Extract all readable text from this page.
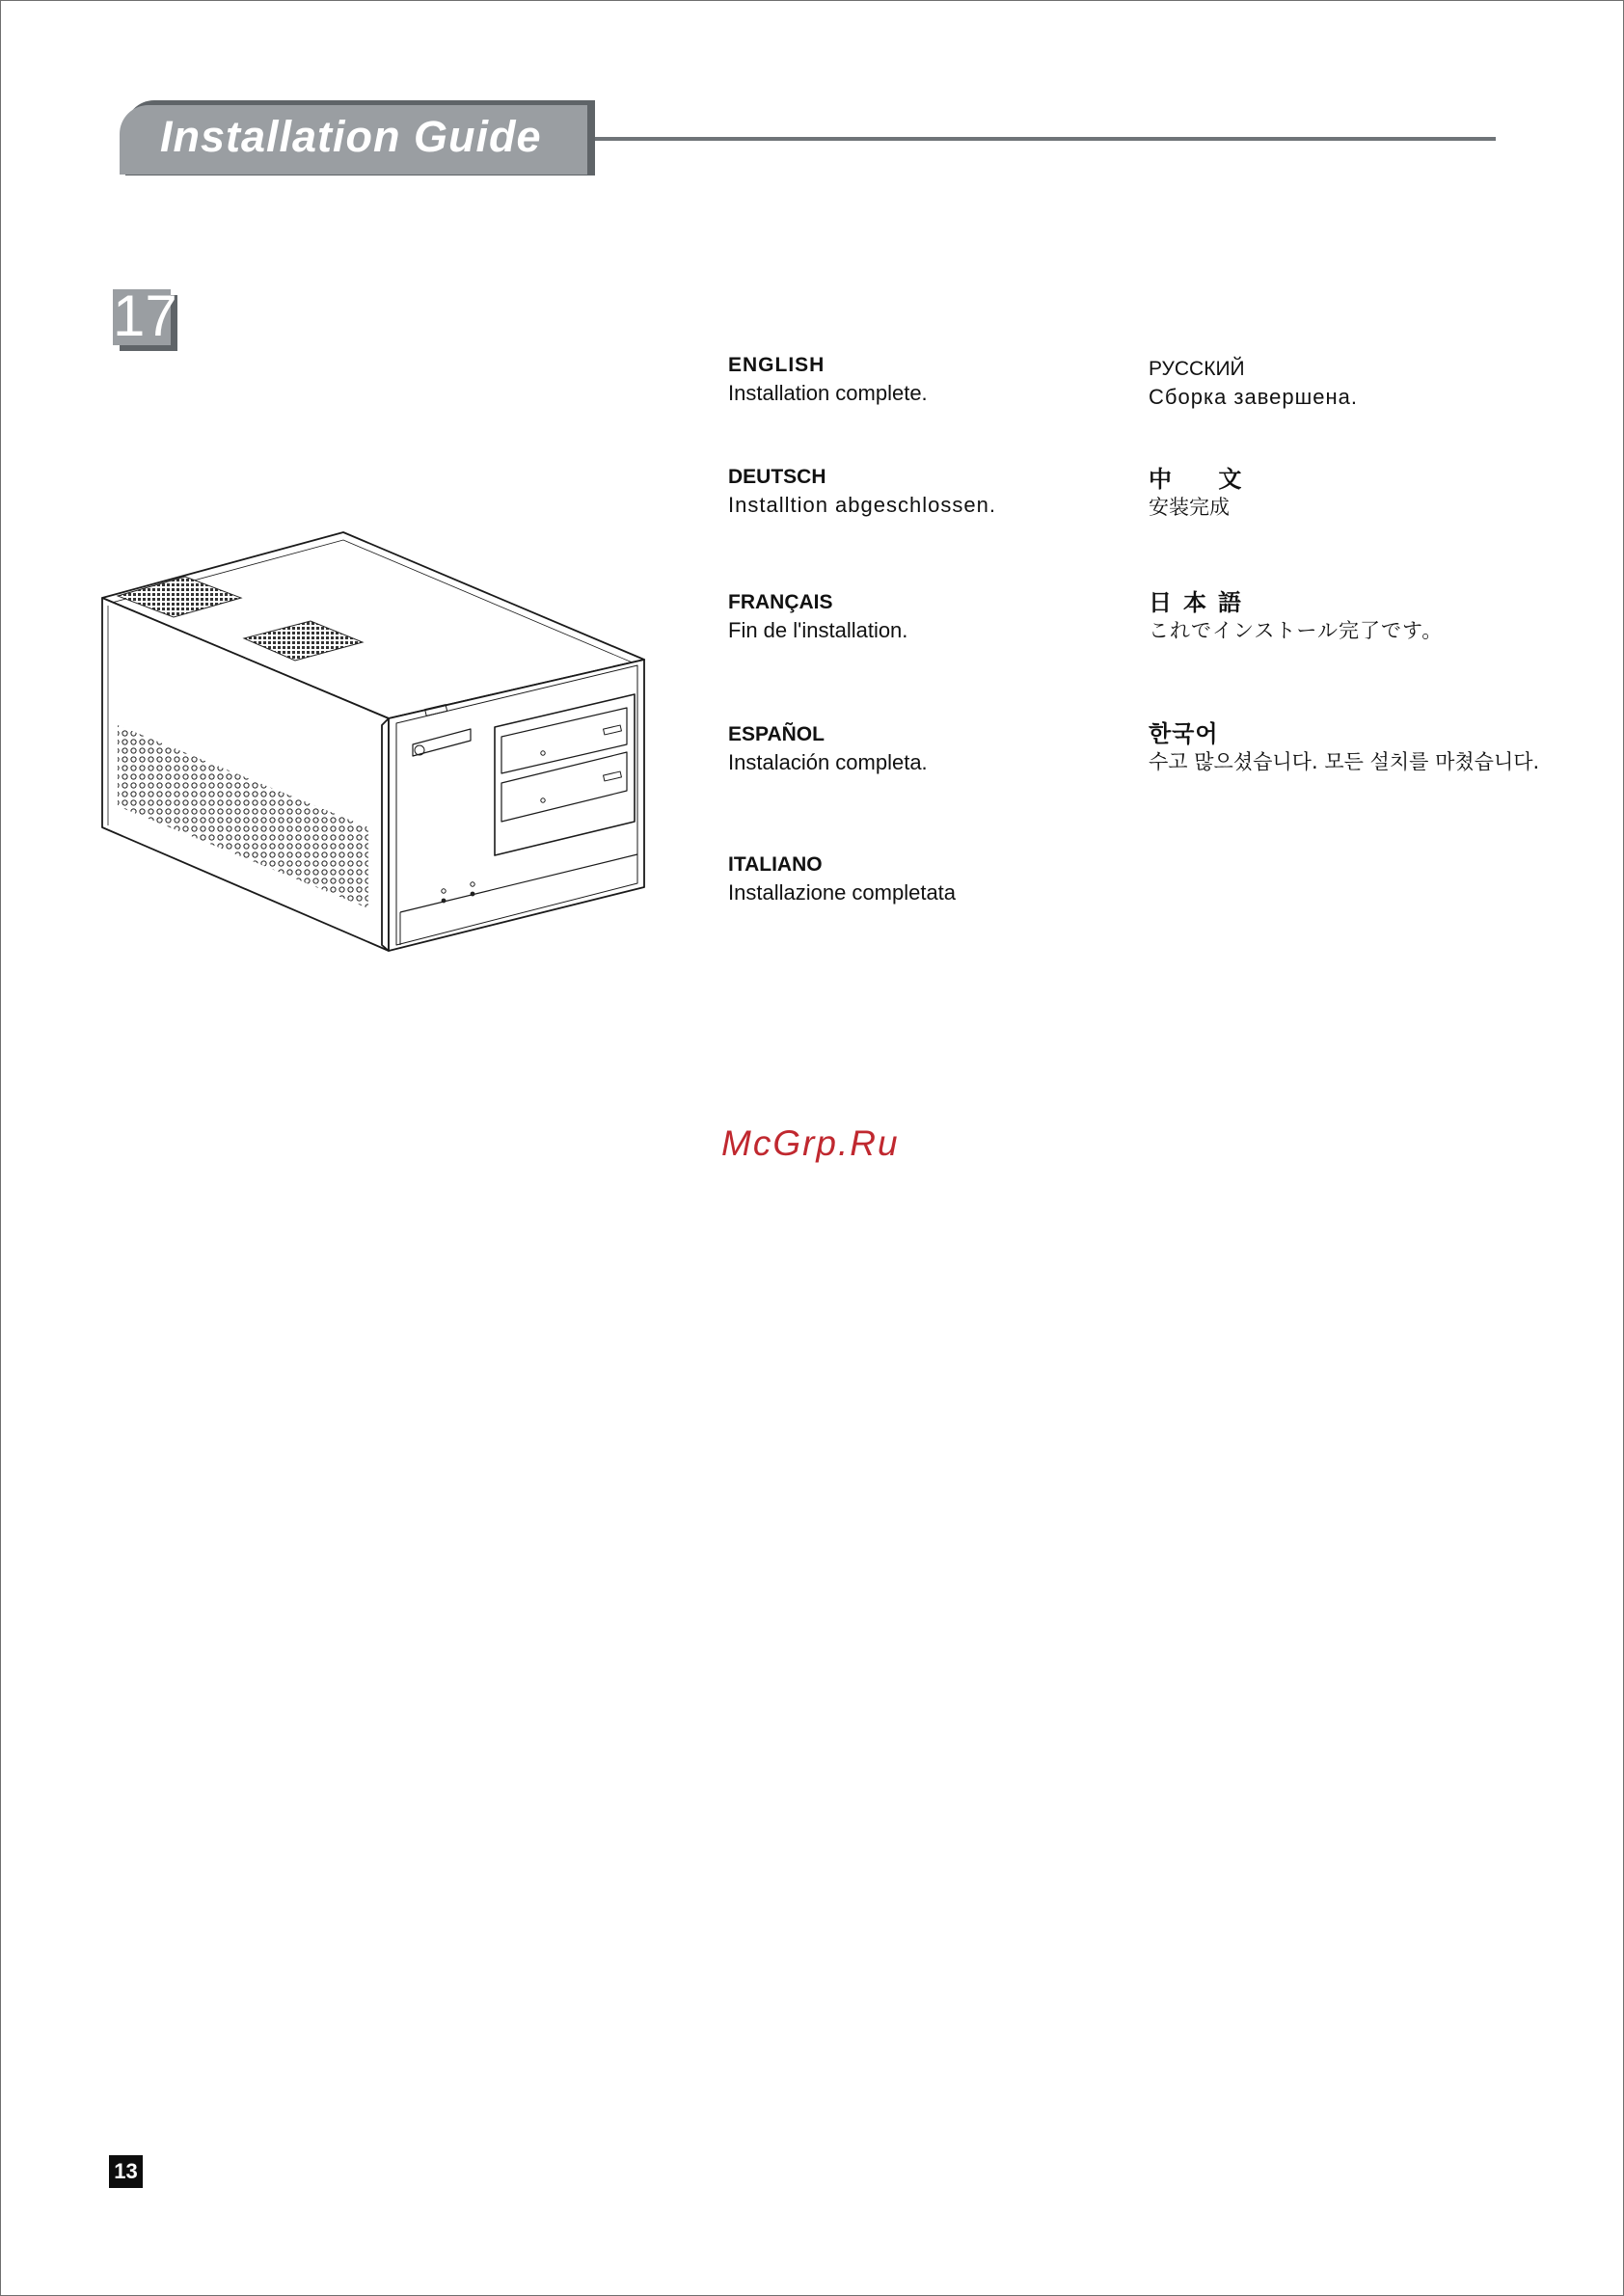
Installation Guide
17
ENGLISH
Installation complete.
DEUTSCH
Installtion abgeschlossen.
FRANÇAIS
Fin de l'installation.
ESPAÑOL
Instalación completa.
ITALIANO
Installazione completata
РУССКИЙ
Сборка завершена.
中 文
安装完成
日本語
これでインストール完了です。
한국어
수고 많으셨습니다. 모든 설치를 마쳤습니다.
McGrp.Ru
13
